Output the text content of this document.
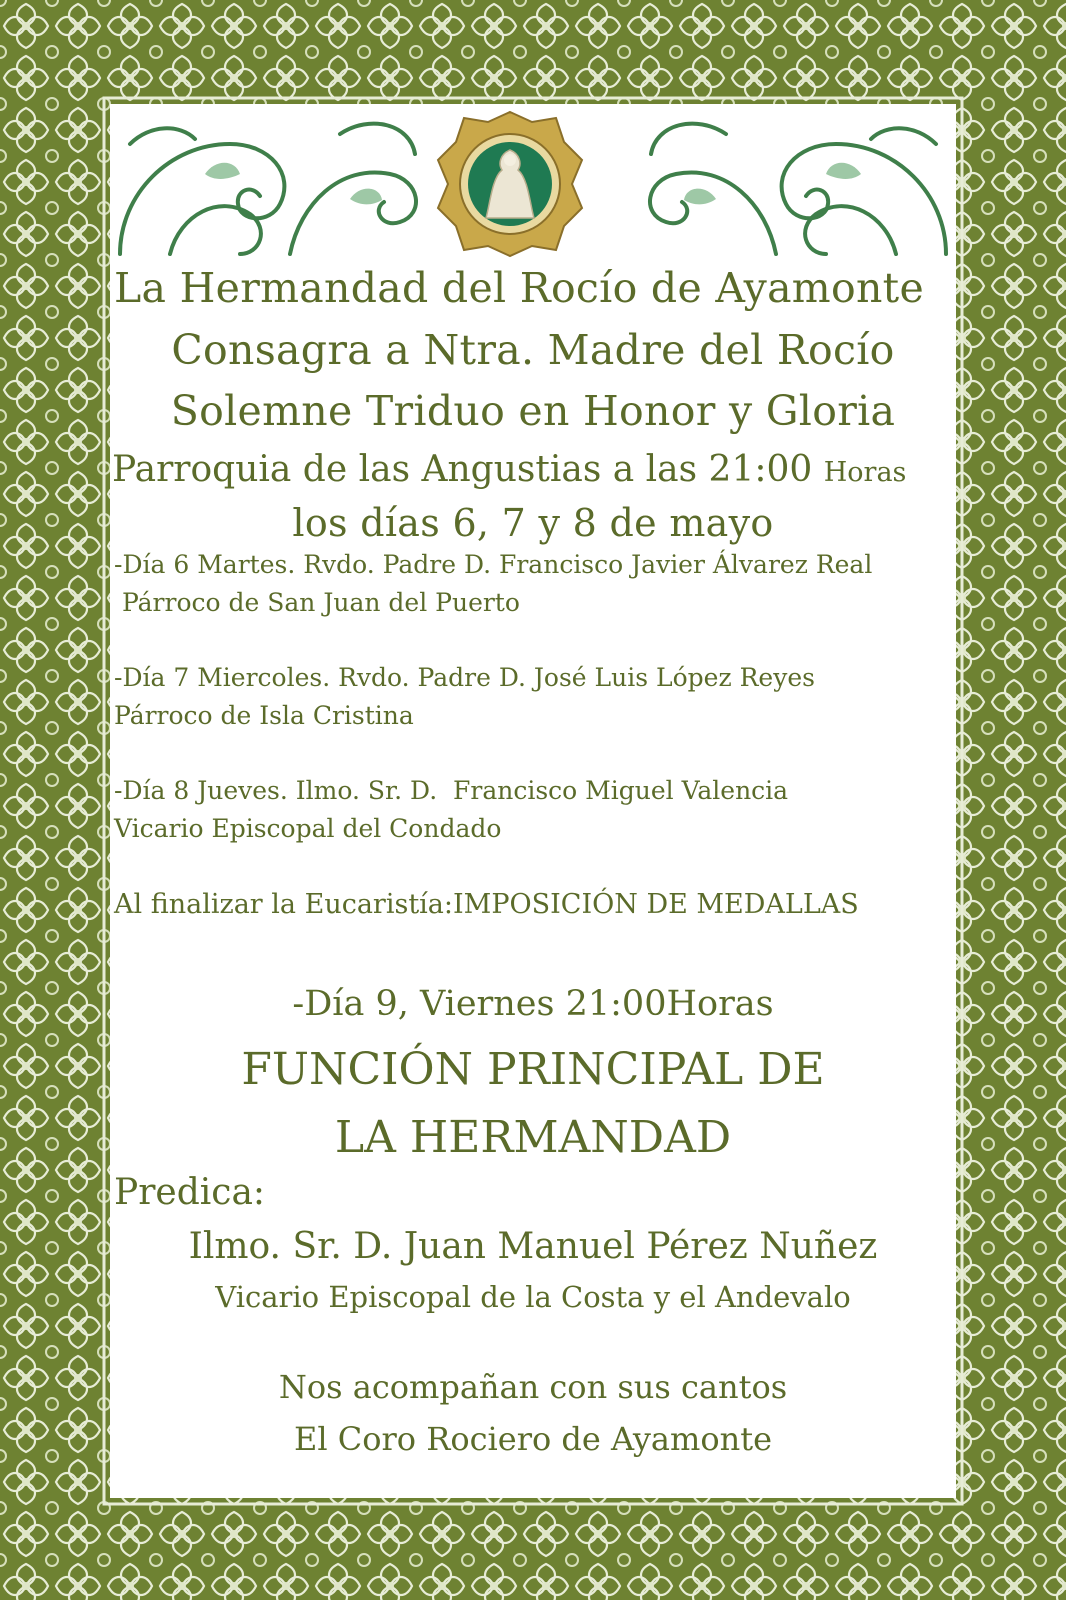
La Hermandad del Rocío de Ayamonte

Consagra a Ntra. Madre del Rocío

Solemne Triduo en Honor y Gloria

Parroquia de las Angustias a las 21:00 Horas

los días 6, 7 y 8 de mayo

-Día 6 Martes. Rvdo. Padre D. Francisco Javier Álvarez Real

Párroco de San Juan del Puerto

-Día 7 Miercoles. Rvdo. Padre D. José Luis López Reyes

Párroco de Isla Cristina

-Día 8 Jueves. Ilmo. Sr. D.  Francisco Miguel Valencia

Vicario Episcopal del Condado

Al finalizar la Eucaristía:IMPOSICIÓN DE MEDALLAS

-Día 9, Viernes 21:00Horas

FUNCIÓN PRINCIPAL DE

LA HERMANDAD

Predica:

Ilmo. Sr. D. Juan Manuel Pérez Nuñez

Vicario Episcopal de la Costa y el Andevalo

Nos acompañan con sus cantos

El Coro Rociero de Ayamonte
